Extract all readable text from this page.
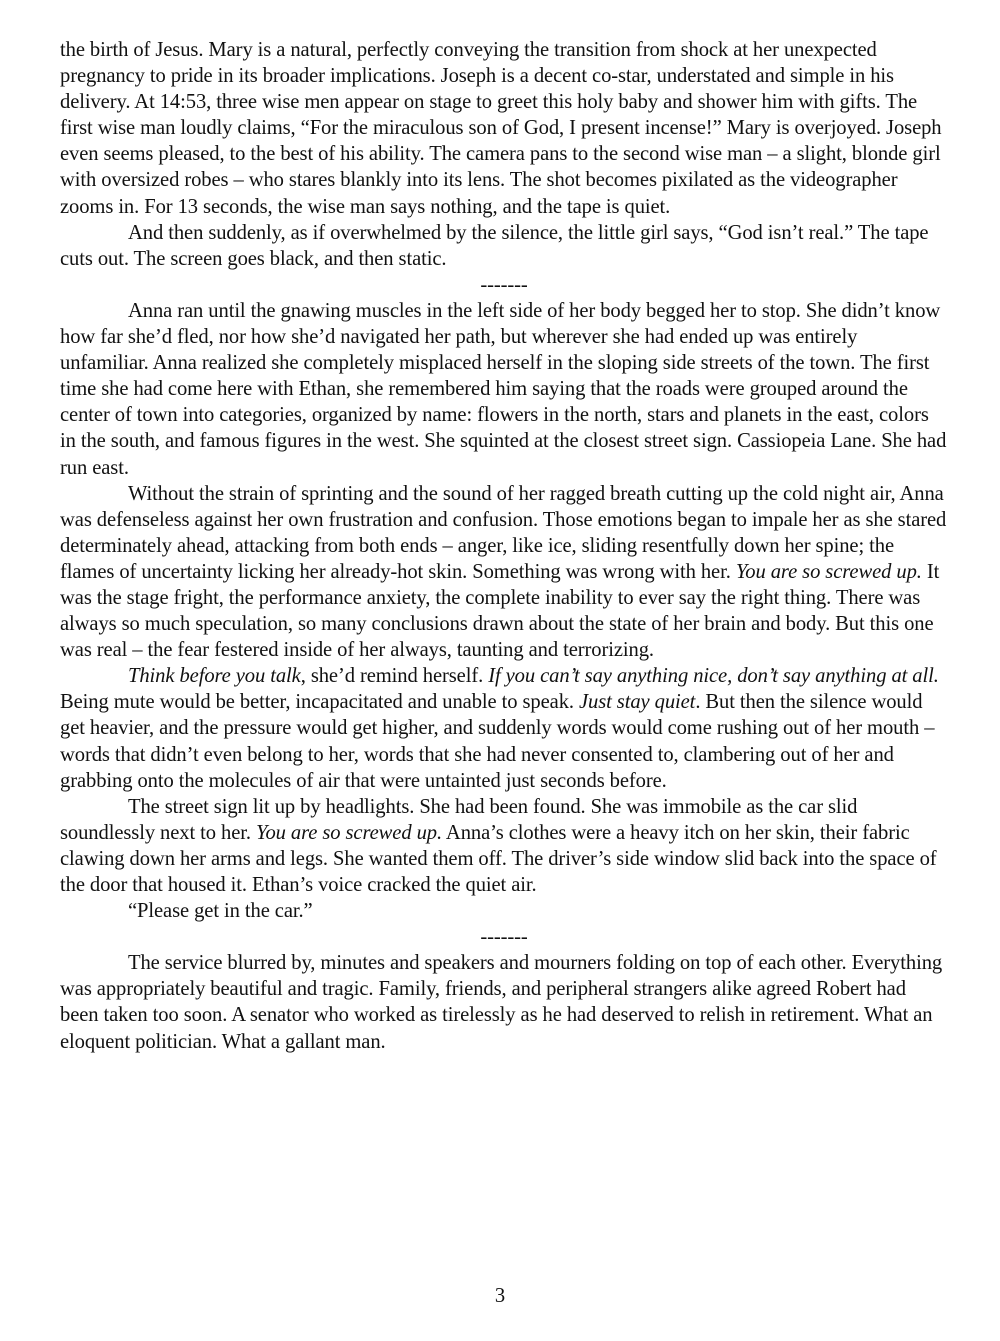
the birth of Jesus. Mary is a natural, perfectly conveying the transition from shock at her unexpected pregnancy to pride in its broader implications. Joseph is a decent co-star, understated and simple in his delivery. At 14:53, three wise men appear on stage to greet this holy baby and shower him with gifts. The first wise man loudly claims, “For the miraculous son of God, I present incense!” Mary is overjoyed. Joseph even seems pleased, to the best of his ability. The camera pans to the second wise man – a slight, blonde girl with oversized robes – who stares blankly into its lens. The shot becomes pixilated as the videographer zooms in. For 13 seconds, the wise man says nothing, and the tape is quiet.

And then suddenly, as if overwhelmed by the silence, the little girl says, “God isn’t real.” The tape cuts out. The screen goes black, and then static.

-------

Anna ran until the gnawing muscles in the left side of her body begged her to stop. She didn’t know how far she’d fled, nor how she’d navigated her path, but wherever she had ended up was entirely unfamiliar. Anna realized she completely misplaced herself in the sloping side streets of the town. The first time she had come here with Ethan, she remembered him saying that the roads were grouped around the center of town into categories, organized by name: flowers in the north, stars and planets in the east, colors in the south, and famous figures in the west. She squinted at the closest street sign. Cassiopeia Lane. She had run east.

Without the strain of sprinting and the sound of her ragged breath cutting up the cold night air, Anna was defenseless against her own frustration and confusion. Those emotions began to impale her as she stared determinately ahead, attacking from both ends – anger, like ice, sliding resentfully down her spine; the flames of uncertainty licking her already-hot skin. Something was wrong with her. You are so screwed up. It was the stage fright, the performance anxiety, the complete inability to ever say the right thing. There was always so much speculation, so many conclusions drawn about the state of her brain and body. But this one was real – the fear festered inside of her always, taunting and terrorizing.

Think before you talk, she’d remind herself. If you can’t say anything nice, don’t say anything at all. Being mute would be better, incapacitated and unable to speak. Just stay quiet. But then the silence would get heavier, and the pressure would get higher, and suddenly words would come rushing out of her mouth – words that didn’t even belong to her, words that she had never consented to, clambering out of her and grabbing onto the molecules of air that were untainted just seconds before.

The street sign lit up by headlights. She had been found. She was immobile as the car slid soundlessly next to her. You are so screwed up. Anna’s clothes were a heavy itch on her skin, their fabric clawing down her arms and legs. She wanted them off. The driver’s side window slid back into the space of the door that housed it. Ethan’s voice cracked the quiet air.

“Please get in the car.”

-------

The service blurred by, minutes and speakers and mourners folding on top of each other. Everything was appropriately beautiful and tragic. Family, friends, and peripheral strangers alike agreed Robert had been taken too soon. A senator who worked as tirelessly as he had deserved to relish in retirement. What an eloquent politician. What a gallant man.

3
